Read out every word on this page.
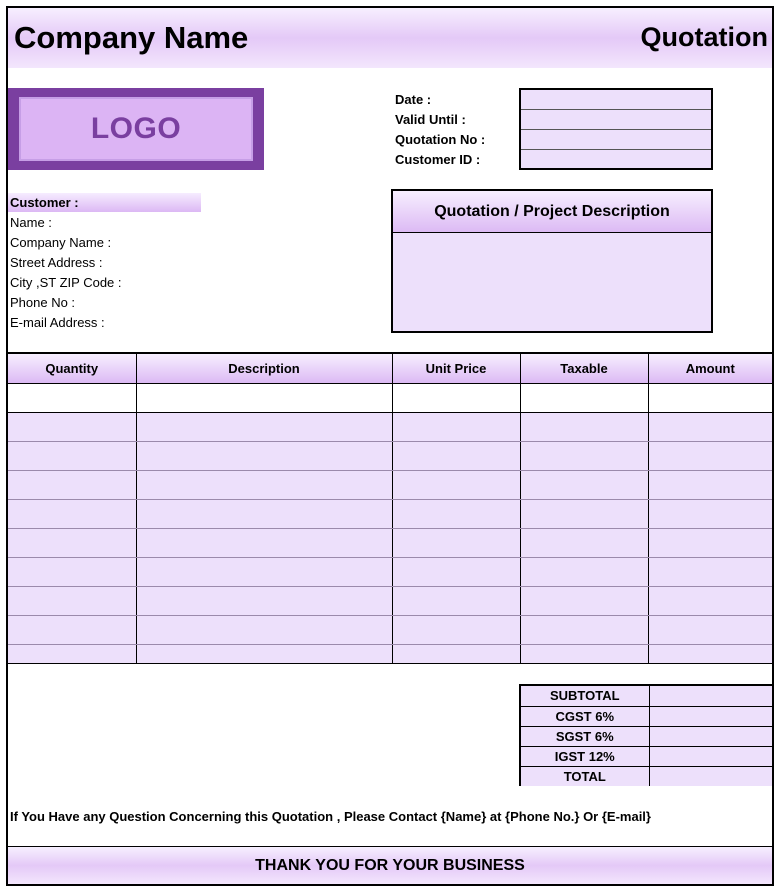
Company Name	Quotation
LOGO
Date :
Valid Until :
Quotation No :
Customer ID :
Customer :
Name :
Company Name :
Street Address :
City ,ST ZIP Code :
Phone No :
E-mail Address :
Quotation / Project Description
Quantity	Description	Unit Price	Taxable	Amount

SUBTOTAL	
CGST 6%	
SGST 6%	
IGST 12%	
TOTAL	
If You Have any Question Concerning this Quotation , Please Contact {Name} at {Phone No.} Or {E-mail}
THANK YOU FOR YOUR BUSINESS
